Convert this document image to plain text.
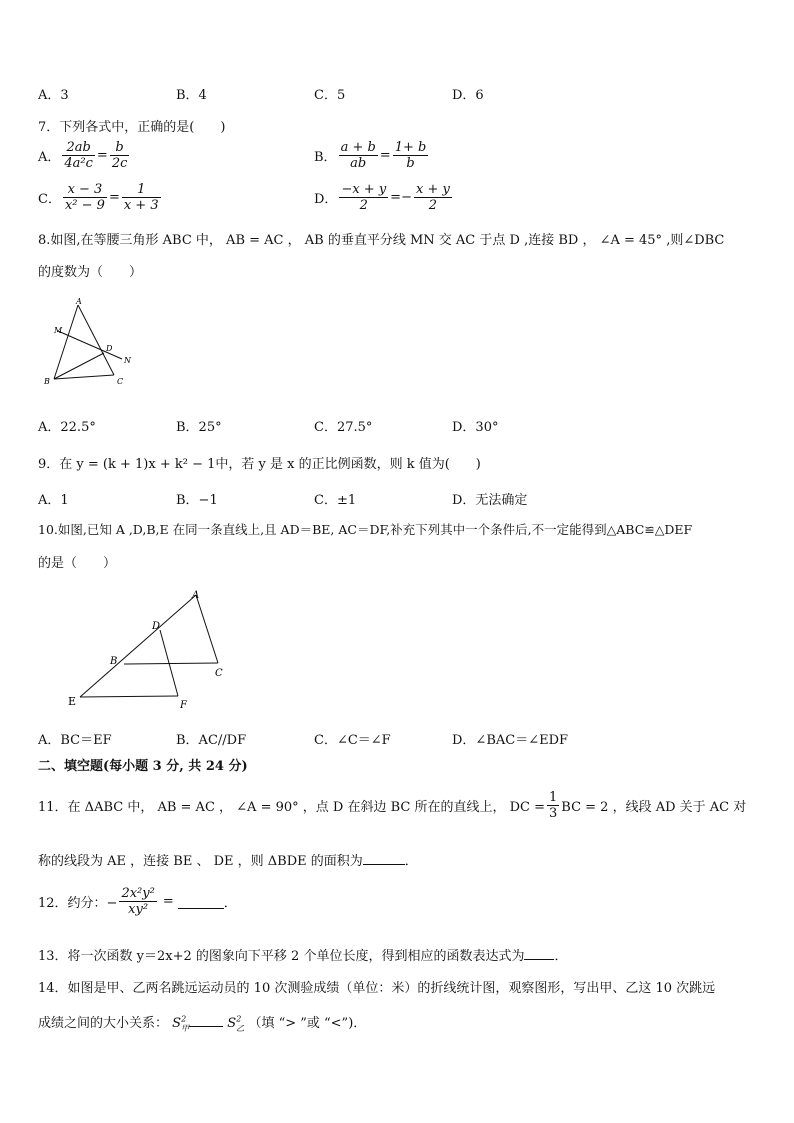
A．3	B．4	C．5	D．6
7．下列各式中，正确的是(　　)
A． $\frac{2ab}{\text{4a²c}} = \frac{b}{2c}$	B． $\frac{a + b}{ab} = \frac{1+ b}{b}$
C． $\frac{x - 3}{\text{x² − 9}} = \frac{1}{x + 3}$	D． $\frac{-x + y}{2}$ = − $\frac{x + y}{2}$
8.如图,在等腰三角形 ABC 中， AB = AC ， AB 的垂直平分线 MN 交 AC 于点 D ,连接 BD ， ∠A = 45° ,则∠DBC
的度数为（　　）
A
M
D
N
B	C
A．22.5°	B．25°	C．27.5°	D．30°
9．在 y = (k + 1)x + k² − 1中，若 y 是 x 的正比例函数，则 k 值为(　　)
A．1	B．−1	C．±1	D．无法确定
10.如图,已知 A ,D,B,E 在同一条直线上,且 AD＝BE, AC＝DF,补充下列其中一个条件后,不一定能得到△ABC≌△DEF
的是（　　）
A
D
B
C
E	F
A．BC＝EF	B．AC//DF	C．∠C＝∠F	D．∠BAC＝∠EDF
二、填空题(每小题 3 分, 共 24 分)
11．在 ΔABC 中， AB = AC ， ∠A = 90° ，点 D 在斜边 BC 所在的直线上， DC = $\frac{1}{3}$ BC = 2 ，线段 AD 关于 AC 对
称的线段为 AE ，连接 BE 、 DE ，则 ΔBDE 的面积为	．
12．约分：− $\frac{\text{2x²y²}}{\text{xy²}}$ =	．
13．将一次函数 y＝2x+2 的图象向下平移 2 个单位长度，得到相应的函数表达式为 ．
14．如图是甲、乙两名跳远运动员的 10 次测验成绩（单位：米）的折线统计图，观察图形，写出甲、乙这 10 次跳远
成绩之间的大小关系： $S^2_甲$	$S^2_乙$ （填 “> ”或 “<”)．
